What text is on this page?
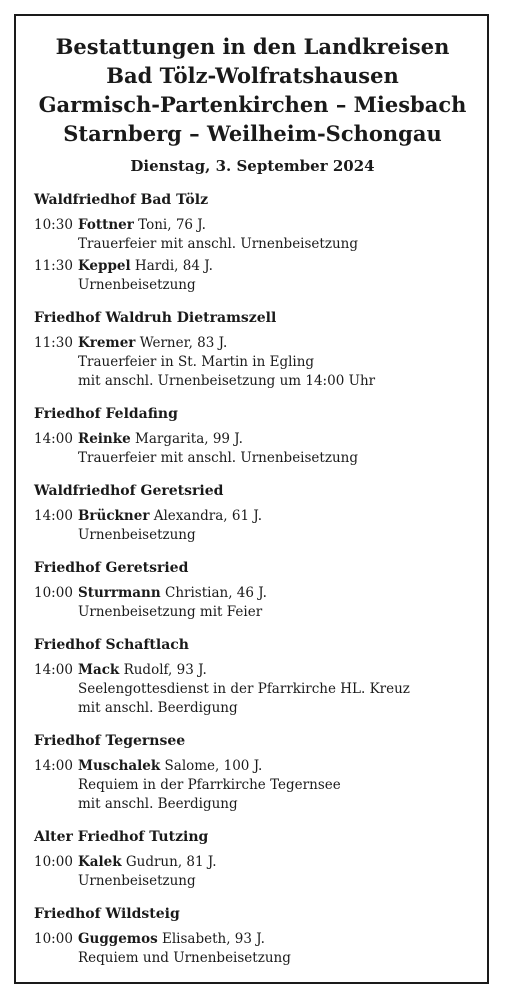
Bestattungen in den Landkreisen
Bad Tölz-Wolfratshausen
Garmisch-Partenkirchen – Miesbach
Starnberg – Weilheim-Schongau
Dienstag, 3. September 2024
Waldfriedhof Bad Tölz
10:30 Fottner Toni, 76 J.
Trauerfeier mit anschl. Urnenbeisetzung
11:30 Keppel Hardi, 84 J.
Urnenbeisetzung
Friedhof Waldruh Dietramszell
11:30 Kremer Werner, 83 J.
Trauerfeier in St. Martin in Egling
mit anschl. Urnenbeisetzung um 14:00 Uhr
Friedhof Feldafing
14:00 Reinke Margarita, 99 J.
Trauerfeier mit anschl. Urnenbeisetzung
Waldfriedhof Geretsried
14:00 Brückner Alexandra, 61 J.
Urnenbeisetzung
Friedhof Geretsried
10:00 Sturrmann Christian, 46 J.
Urnenbeisetzung mit Feier
Friedhof Schaftlach
14:00 Mack Rudolf, 93 J.
Seelengottesdienst in der Pfarrkirche HL. Kreuz
mit anschl. Beerdigung
Friedhof Tegernsee
14:00 Muschalek Salome, 100 J.
Requiem in der Pfarrkirche Tegernsee
mit anschl. Beerdigung
Alter Friedhof Tutzing
10:00 Kalek Gudrun, 81 J.
Urnenbeisetzung
Friedhof Wildsteig
10:00 Guggemos Elisabeth, 93 J.
Requiem und Urnenbeisetzung
